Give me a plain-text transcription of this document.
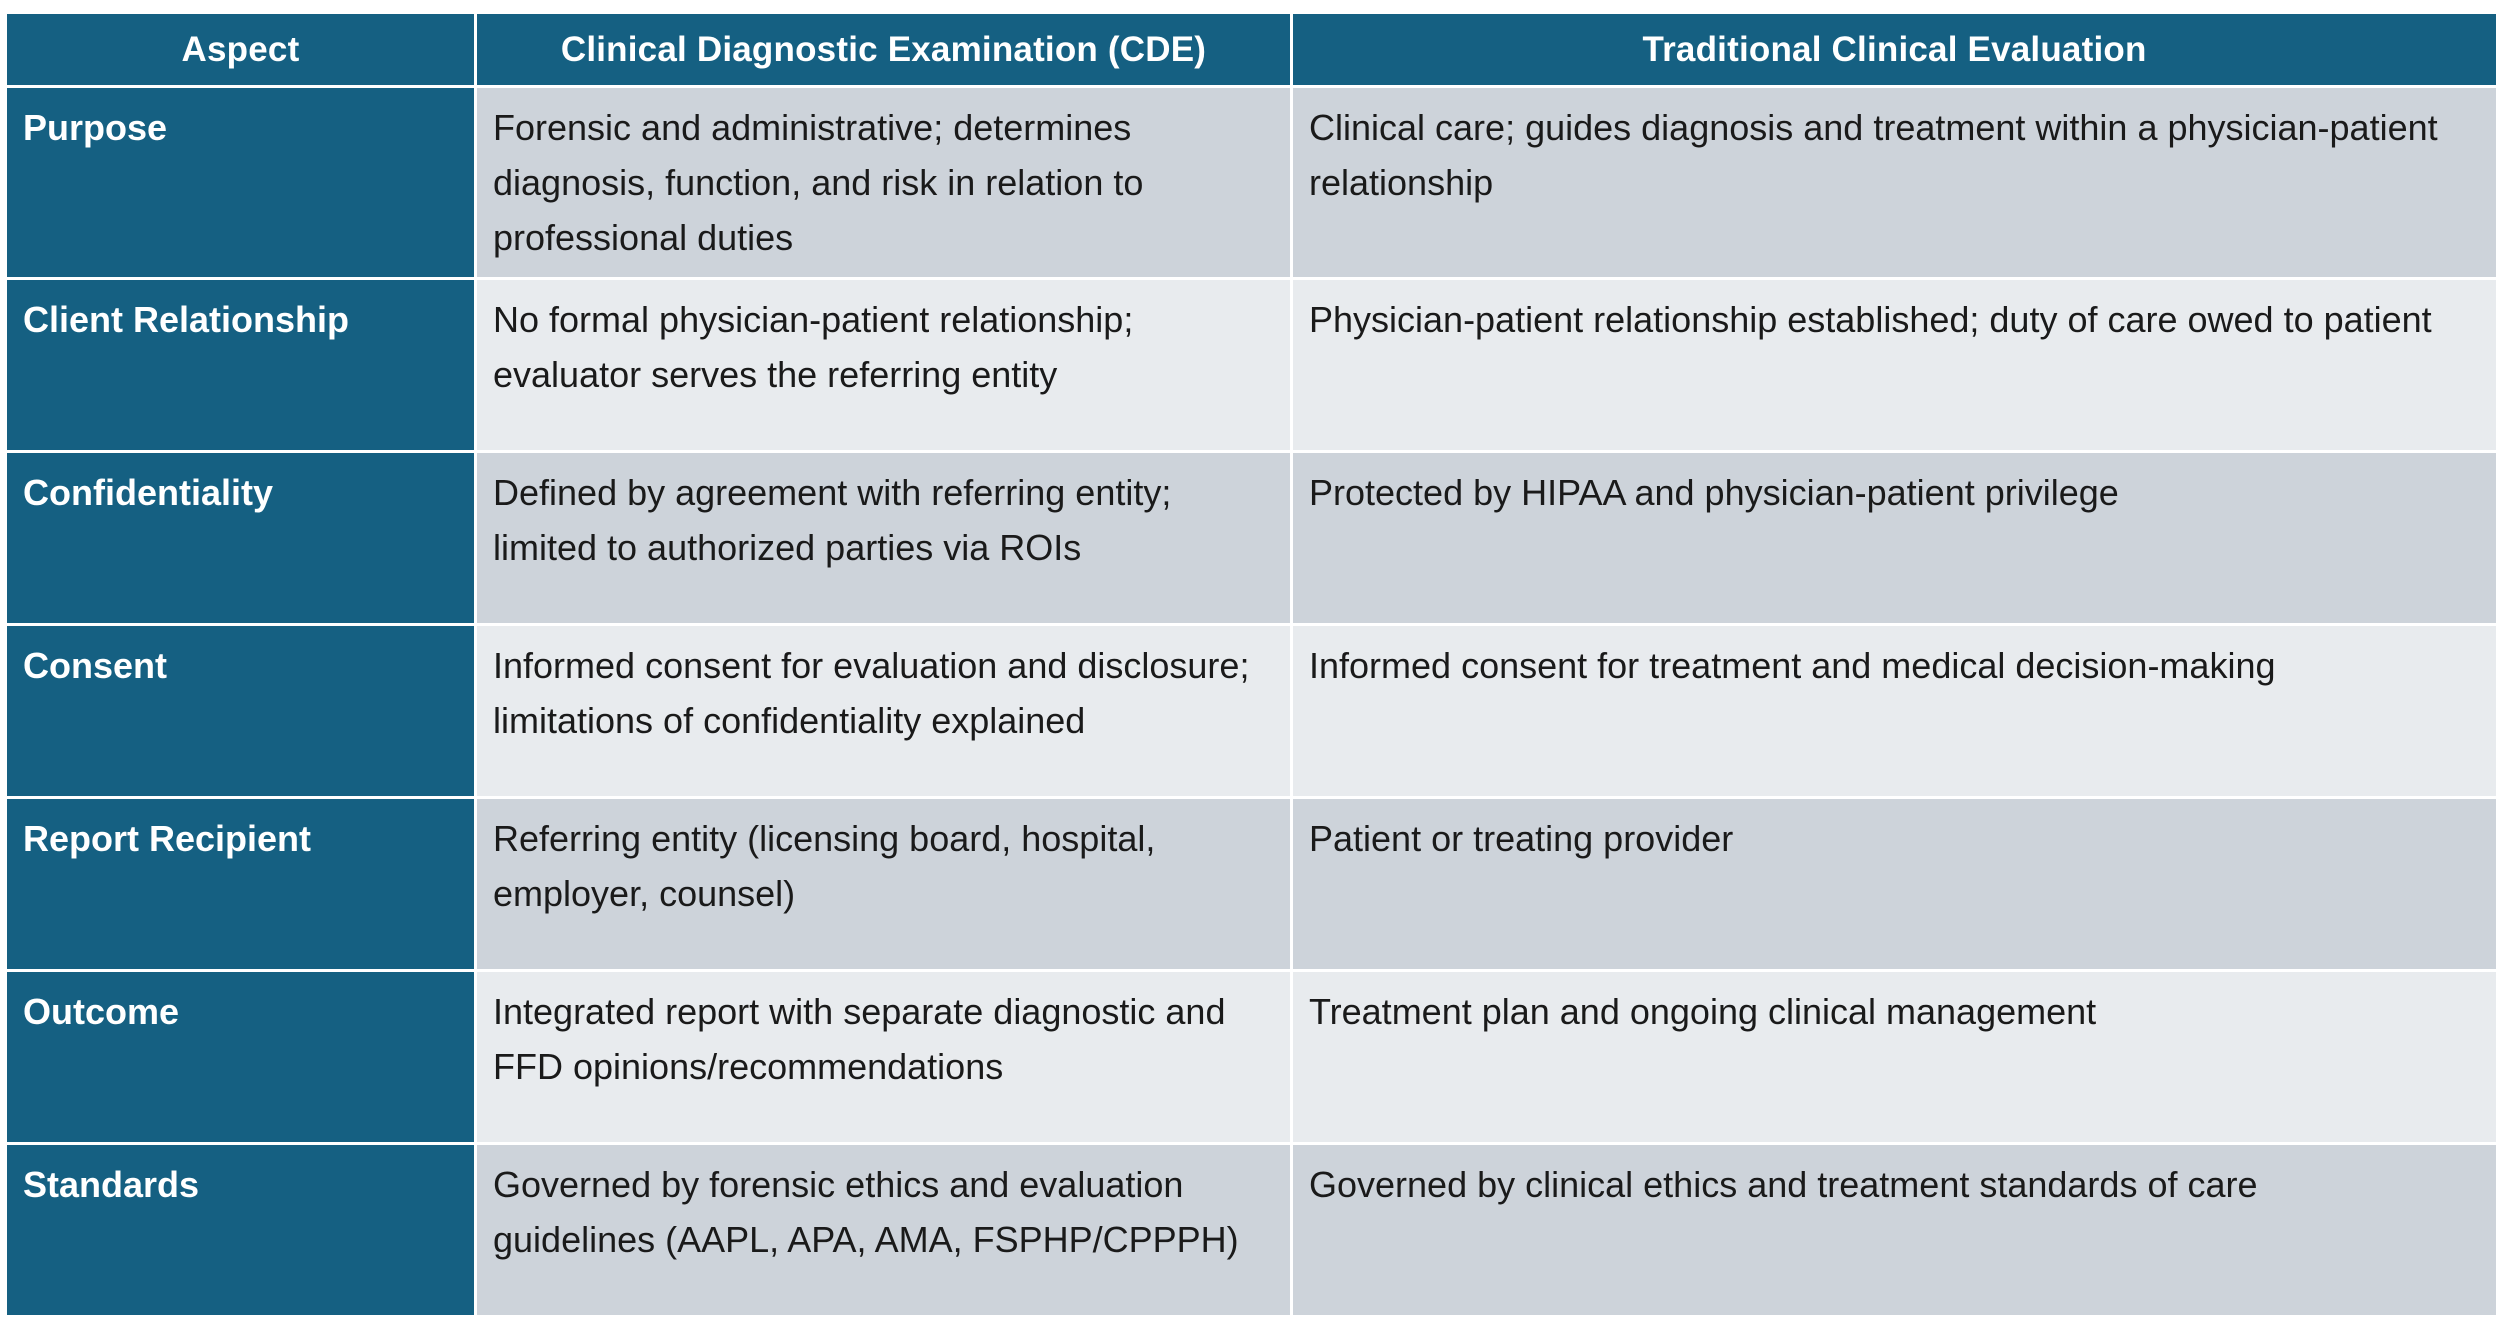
Aspect	Clinical Diagnostic Examination (CDE)	Traditional Clinical Evaluation
Purpose	Forensic and administrative; determines diagnosis, function, and risk in relation to professional duties	Clinical care; guides diagnosis and treatment within a physician-patient relationship
Client Relationship	No formal physician-patient relationship; evaluator serves the referring entity	Physician-patient relationship established; duty of care owed to patient
Confidentiality	Defined by agreement with referring entity; limited to authorized parties via ROIs	Protected by HIPAA and physician-patient privilege
Consent	Informed consent for evaluation and disclosure; limitations of confidentiality explained	Informed consent for treatment and medical decision-making
Report Recipient	Referring entity (licensing board, hospital, employer, counsel)	Patient or treating provider
Outcome	Integrated report with separate diagnostic and FFD opinions/recommendations	Treatment plan and ongoing clinical management
Standards	Governed by forensic ethics and evaluation guidelines (AAPL, APA, AMA, FSPHP/CPPPH)	Governed by clinical ethics and treatment standards of care
